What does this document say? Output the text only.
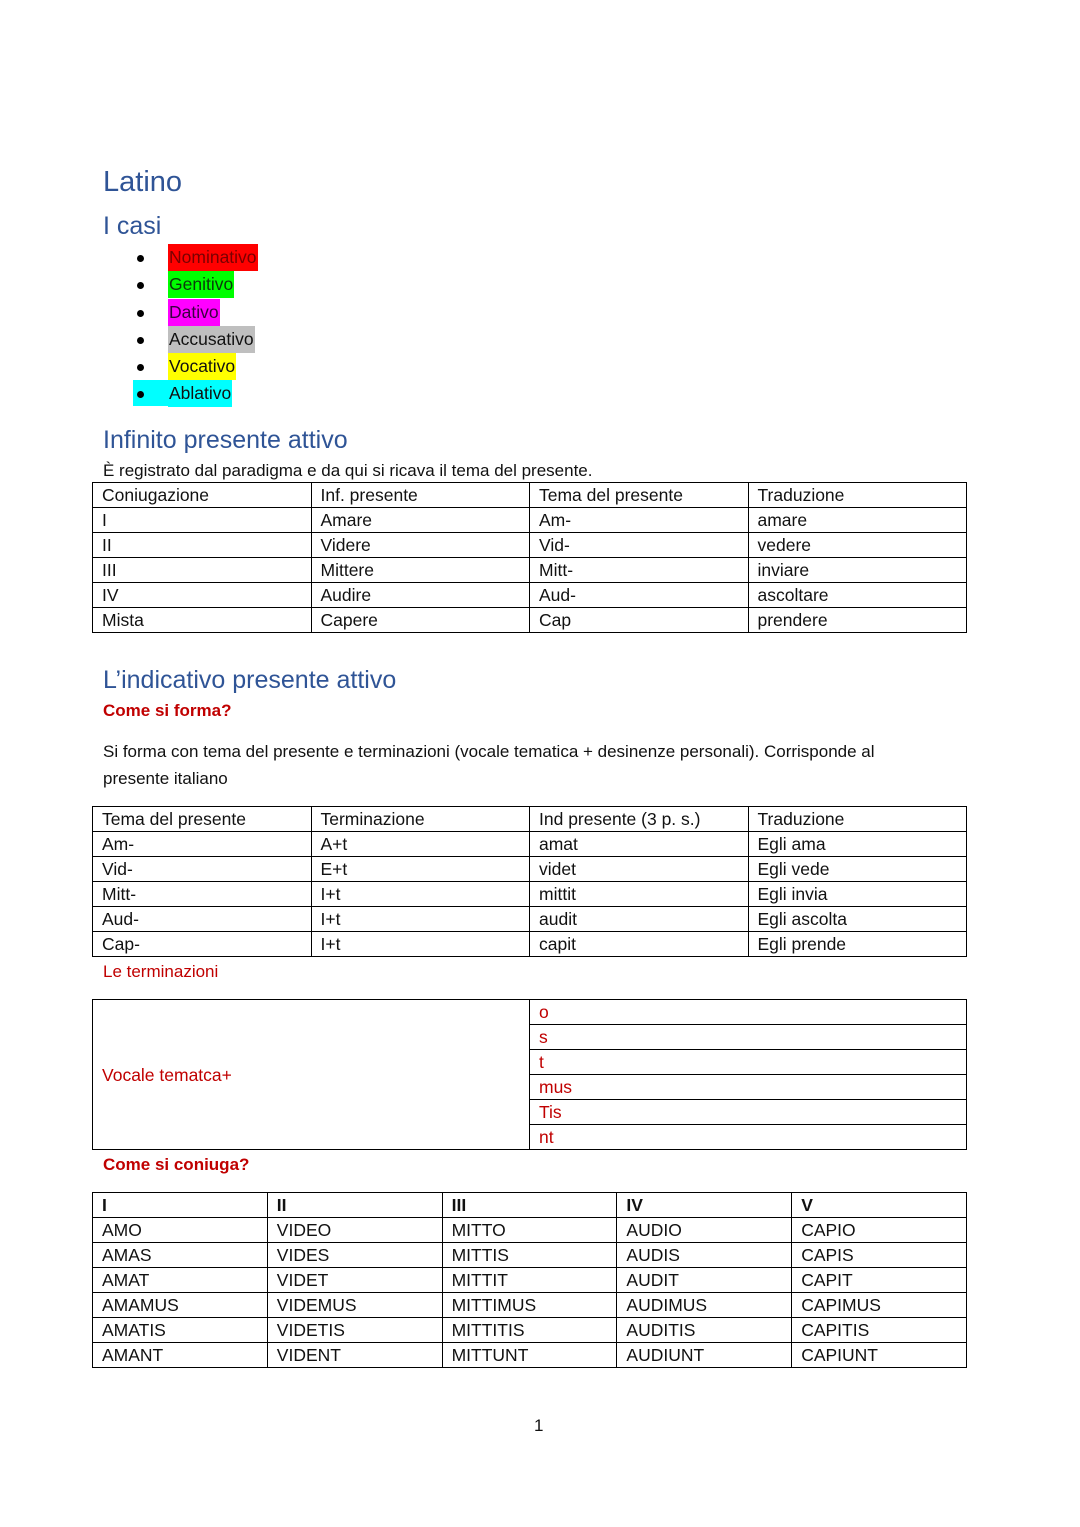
Latino
I casi
Nominativo
Genitivo
Dativo
Accusativo
Vocativo
Ablativo
Infinito presente attivo
È registrato dal paradigma e da qui si ricava il tema del presente.
Coniugazione	Inf. presente	Tema del presente	Traduzione
I	Amare	Am-	amare
II	Videre	Vid-	vedere
III	Mittere	Mitt-	inviare
IV	Audire	Aud-	ascoltare
Mista	Capere	Cap	prendere
L’indicativo presente attivo
Come si forma?
Si forma con tema del presente e terminazioni (vocale tematica + desinenze personali). Corrisponde al
presente italiano
Tema del presente	Terminazione	Ind presente (3 p. s.)	Traduzione
Am-	A+t	amat	Egli ama
Vid-	E+t	videt	Egli vede
Mitt-	I+t	mittit	Egli invia
Aud-	I+t	audit	Egli ascolta
Cap-	I+t	capit	Egli prende
Le terminazioni
Vocale tematca+	o
s
t
mus
Tis
nt
Come si coniuga?
I	II	III	IV	V
AMO	VIDEO	MITTO	AUDIO	CAPIO
AMAS	VIDES	MITTIS	AUDIS	CAPIS
AMAT	VIDET	MITTIT	AUDIT	CAPIT
AMAMUS	VIDEMUS	MITTIMUS	AUDIMUS	CAPIMUS
AMATIS	VIDETIS	MITTITIS	AUDITIS	CAPITIS
AMANT	VIDENT	MITTUNT	AUDIUNT	CAPIUNT
1
